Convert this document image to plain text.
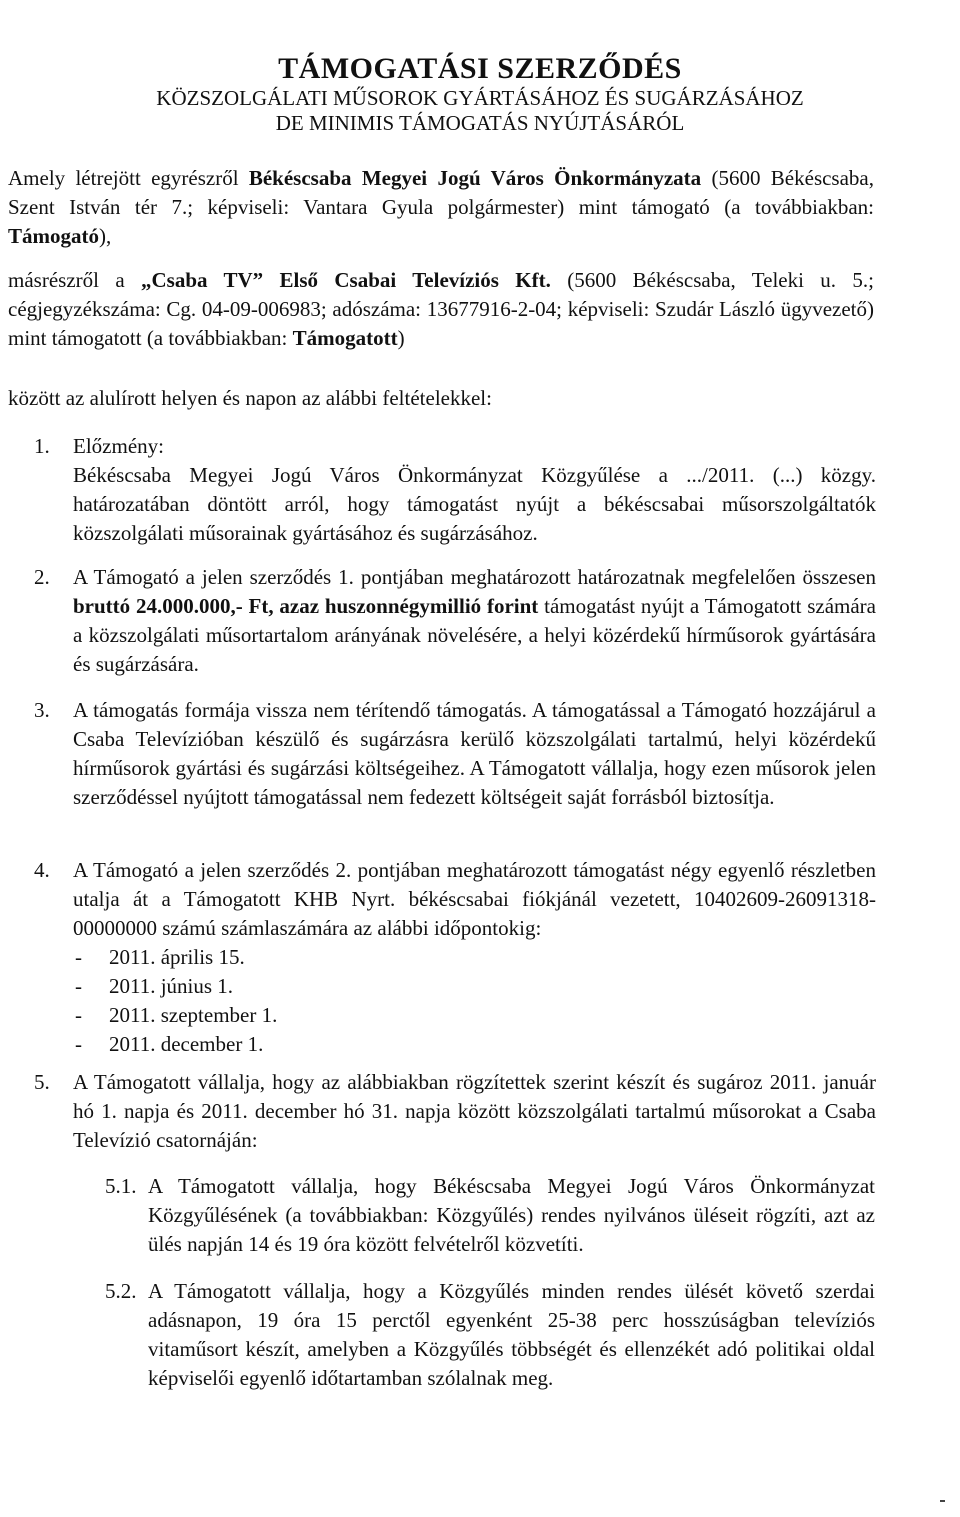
TÁMOGATÁSI SZERZŐDÉS
KÖZSZOLGÁLATI MŰSOROK GYÁRTÁSÁHOZ ÉS SUGÁRZÁSÁHOZ
DE MINIMIS TÁMOGATÁS NYÚJTÁSÁRÓL
Amely létrejött egyrészről Békéscsaba Megyei Jogú Város Önkormányzata (5600 Békéscsaba, Szent István tér 7.; képviseli: Vantara Gyula polgármester) mint támogató (a továbbiakban: Támogató),
másrészről a „Csaba TV” Első Csabai Televíziós Kft. (5600 Békéscsaba, Teleki u. 5.; cégjegyzékszáma: Cg. 04-09-006983; adószáma: 13677916-2-04; képviseli: Szudár László ügyvezető) mint támogatott (a továbbiakban: Támogatott)
között az alulírott helyen és napon az alábbi feltételekkel:
1. Előzmény:
Békéscsaba Megyei Jogú Város Önkormányzat Közgyűlése a .../2011. (...) közgy. határozatában döntött arról, hogy támogatást nyújt a békéscsabai műsorszolgáltatók közszolgálati műsorainak gyártásához és sugárzásához.
2. A Támogató a jelen szerződés 1. pontjában meghatározott határozatnak megfelelően összesen bruttó 24.000.000,- Ft, azaz huszonnégymillió forint támogatást nyújt a Támogatott számára a közszolgálati műsortartalom arányának növelésére, a helyi közérdekű hírműsorok gyártására és sugárzására.
3. A támogatás formája vissza nem térítendő támogatás. A támogatással a Támogató hozzájárul a Csaba Televízióban készülő és sugárzásra kerülő közszolgálati tartalmú, helyi közérdekű hírműsorok gyártási és sugárzási költségeihez. A Támogatott vállalja, hogy ezen műsorok jelen szerződéssel nyújtott támogatással nem fedezett költségeit saját forrásból biztosítja.
4. A Támogató a jelen szerződés 2. pontjában meghatározott támogatást négy egyenlő részletben utalja át a Támogatott KHB Nyrt. békéscsabai fiókjánál vezetett, 10402609-26091318-00000000 számú számlaszámára az alábbi időpontokig:
- 2011. április 15.
- 2011. június 1.
- 2011. szeptember 1.
- 2011. december 1.
5. A Támogatott vállalja, hogy az alábbiakban rögzítettek szerint készít és sugároz 2011. január hó 1. napja és 2011. december hó 31. napja között közszolgálati tartalmú műsorokat a Csaba Televízió csatornáján:
5.1. A Támogatott vállalja, hogy Békéscsaba Megyei Jogú Város Önkormányzat Közgyűlésének (a továbbiakban: Közgyűlés) rendes nyilvános üléseit rögzíti, azt az ülés napján 14 és 19 óra között felvételről közvetíti.
5.2. A Támogatott vállalja, hogy a Közgyűlés minden rendes ülését követő szerdai adásnapon, 19 óra 15 perctől egyenként 25-38 perc hosszúságban televíziós vitaműsort készít, amelyben a Közgyűlés többségét és ellenzékét adó politikai oldal képviselői egyenlő időtartamban szólalnak meg.
